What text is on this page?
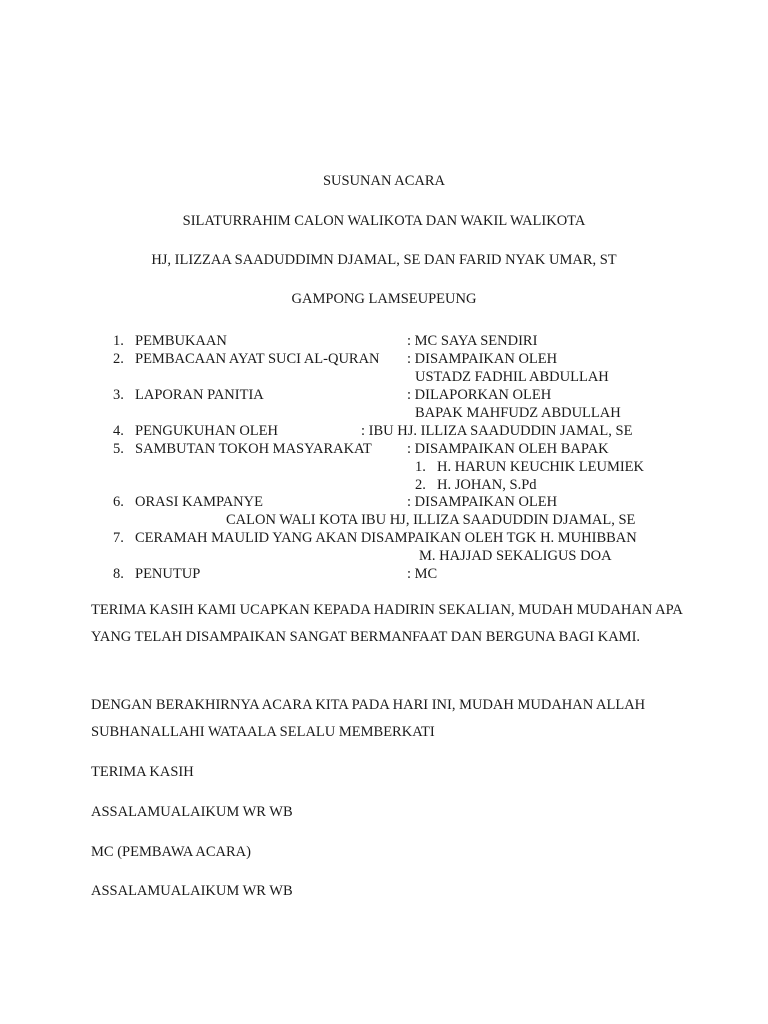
SUSUNAN ACARA
SILATURRAHIM CALON WALIKOTA DAN WAKIL WALIKOTA
HJ, ILIZZAA SAADUDDIMN DJAMAL, SE DAN FARID NYAK UMAR, ST
GAMPONG LAMSEUPEUNG
1. PEMBUKAAN	: MC SAYA SENDIRI
2. PEMBACAAN AYAT SUCI AL-QURAN : DISAMPAIKAN OLEH
USTADZ FADHIL ABDULLAH
3. LAPORAN PANITIA	: DILAPORKAN OLEH
BAPAK MAHFUDZ ABDULLAH
4. PENGUKUHAN OLEH	: IBU HJ. ILLIZA SAADUDDIN JAMAL, SE
5. SAMBUTAN TOKOH MASYARAKAT : DISAMPAIKAN OLEH BAPAK
1. H. HARUN KEUCHIK LEUMIEK
2. H. JOHAN, S.Pd
6. ORASI KAMPANYE	: DISAMPAIKAN OLEH
CALON WALI KOTA IBU HJ, ILLIZA SAADUDDIN DJAMAL, SE
7. CERAMAH MAULID YANG AKAN DISAMPAIKAN OLEH TGK H. MUHIBBAN
M. HAJJAD SEKALIGUS DOA
8. PENUTUP	: MC
TERIMA KASIH KAMI UCAPKAN KEPADA HADIRIN SEKALIAN, MUDAH MUDAHAN APA YANG TELAH DISAMPAIKAN SANGAT BERMANFAAT DAN BERGUNA BAGI KAMI.
DENGAN BERAKHIRNYA ACARA KITA PADA HARI INI, MUDAH MUDAHAN ALLAH SUBHANALLAHI WATAALA SELALU MEMBERKATI
TERIMA KASIH
ASSALAMUALAIKUM WR WB
MC (PEMBAWA ACARA)
ASSALAMUALAIKUM WR WB
